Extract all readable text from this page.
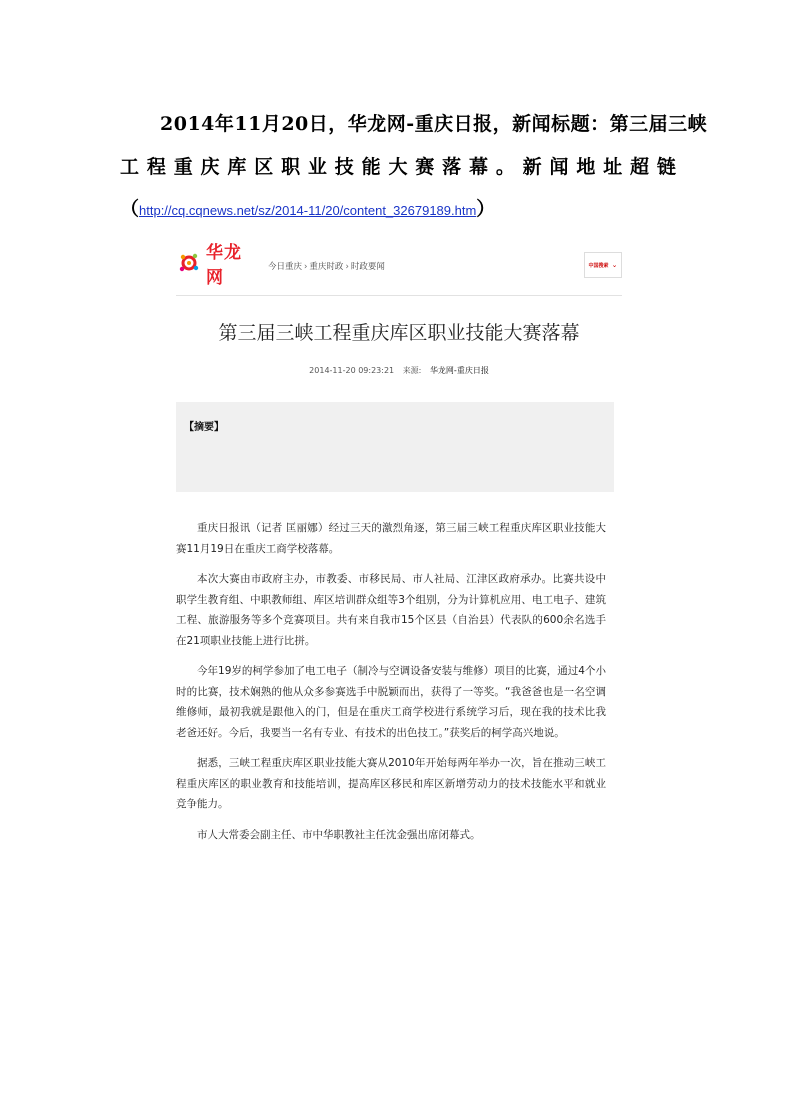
2014年11月20日，华龙网-重庆日报，新闻标题：第三届三峡
工 程 重 庆 库 区 职 业 技 能 大 赛 落 幕 。 新 闻 地 址 超 链
（http://cq.cqnews.net/sz/2014-11/20/content_32679189.htm）
华龙网
今日重庆 › 重庆时政 › 时政要闻	中国搜索 ⌄
第三届三峡工程重庆库区职业技能大赛落幕
2014-11-20 09:23:21 来源: 华龙网-重庆日报
【摘要】

重庆日报讯（记者 匡丽娜）经过三天的激烈角逐，第三届三峡工程重庆库区职业技能大赛11月19日在重庆工商学校落幕。

本次大赛由市政府主办，市教委、市移民局、市人社局、江津区政府承办。比赛共设中职学生教育组、中职教师组、库区培训群众组等3个组别，分为计算机应用、电工电子、建筑工程、旅游服务等多个竞赛项目。共有来自我市15个区县（自治县）代表队的600余名选手在21项职业技能上进行比拼。

今年19岁的柯学参加了电工电子（制冷与空调设备安装与维修）项目的比赛，通过4个小时的比赛，技术娴熟的他从众多参赛选手中脱颖而出，获得了一等奖。“我爸爸也是一名空调维修师，最初我就是跟他入的门，但是在重庆工商学校进行系统学习后，现在我的技术比我老爸还好。今后，我要当一名有专业、有技术的出色技工。”获奖后的柯学高兴地说。

据悉，三峡工程重庆库区职业技能大赛从2010年开始每两年举办一次，旨在推动三峡工程重庆库区的职业教育和技能培训，提高库区移民和库区新增劳动力的技术技能水平和就业竞争能力。

市人大常委会副主任、市中华职教社主任沈金强出席闭幕式。
